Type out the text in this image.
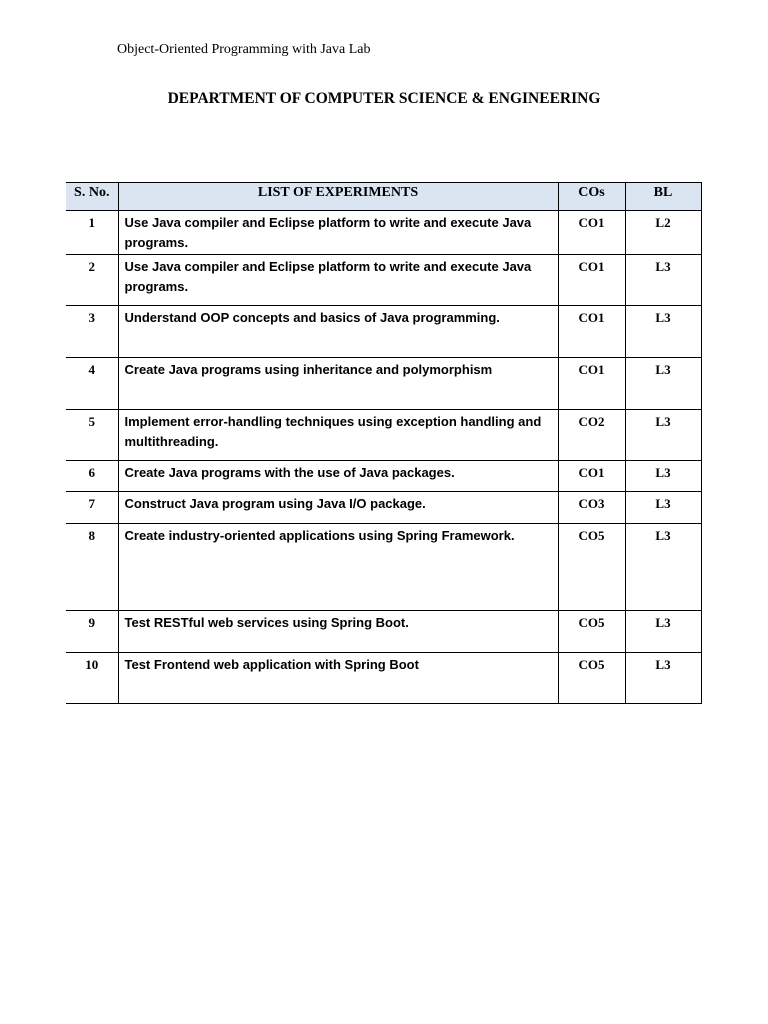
Object-Oriented Programming with Java Lab
DEPARTMENT OF COMPUTER SCIENCE & ENGINEERING
S. No.	LIST OF EXPERIMENTS	COs	BL
1	Use Java compiler and Eclipse platform to write and execute Java programs.	CO1	L2
2	Use Java compiler and Eclipse platform to write and execute Java programs.	CO1	L3
3	Understand OOP concepts and basics of Java programming.	CO1	L3
4	Create Java programs using inheritance and polymorphism	CO1	L3
5	Implement error-handling techniques using exception handling and multithreading.	CO2	L3
6	Create Java programs with the use of Java packages.	CO1	L3
7	Construct Java program using Java I/O package.	CO3	L3
8	Create industry-oriented applications using Spring Framework.	CO5	L3
9	Test RESTful web services using Spring Boot.	CO5	L3
10	Test Frontend web application with Spring Boot	CO5	L3
